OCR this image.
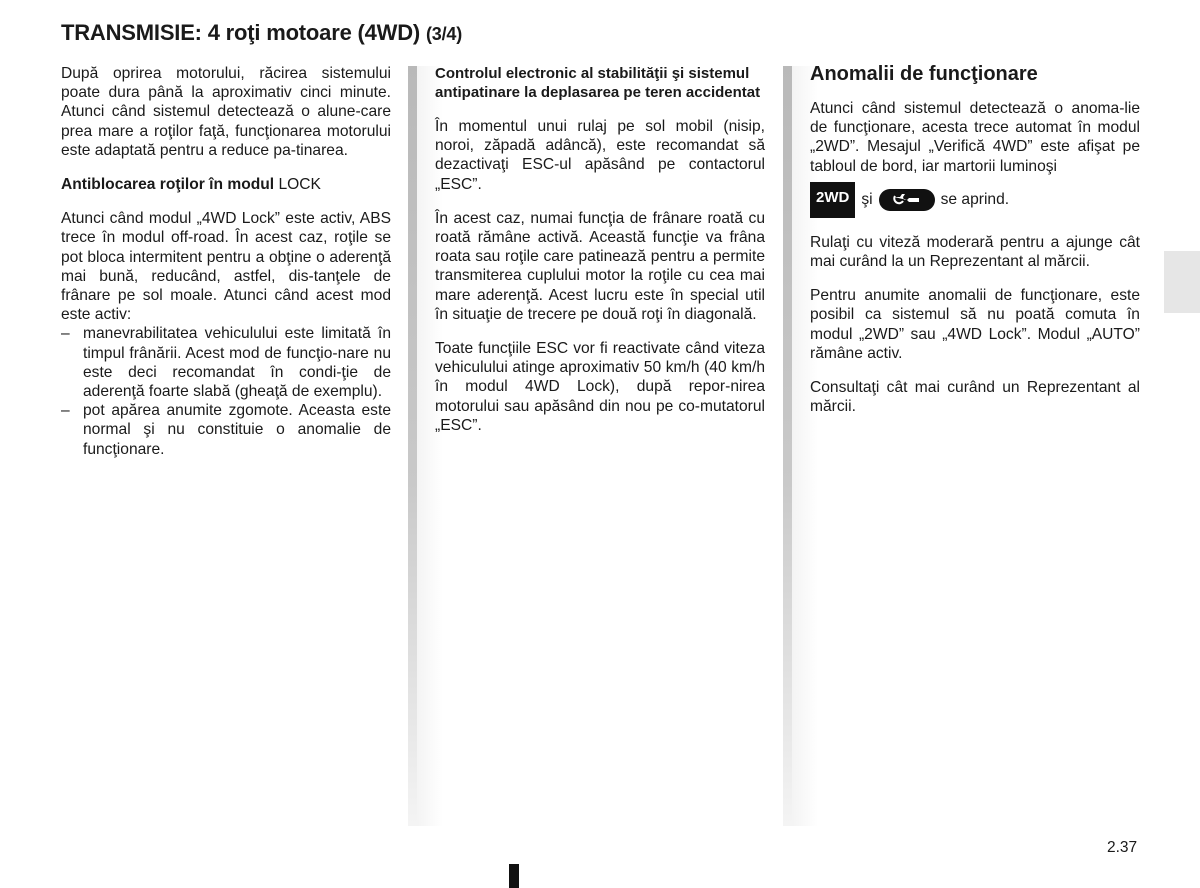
TRANSMISIE: 4 roţi motoare (4WD) (3/4)

După oprirea motorului, răcirea sistemului poate dura până la aproximativ cinci minute. Atunci când sistemul detectează o alune-care prea mare a roţilor faţă, funcţionarea motorului este adaptată pentru a reduce pa-tinarea.

Antiblocarea roţilor în modul LOCK

Atunci când modul „4WD Lock” este activ, ABS trece în modul off-road. În acest caz, roţile se pot bloca intermitent pentru a obţine o aderenţă mai bună, reducând, astfel, dis-tanţele de frânare pe sol moale. Atunci când acest mod este activ:

– manevrabilitatea vehiculului este limitată în timpul frânării. Acest mod de funcţio-nare nu este deci recomandat în condi-ţie de aderenţă foarte slabă (gheaţă de exemplu).
– pot apărea anumite zgomote. Aceasta este normal şi nu constituie o anomalie de funcţionare.

Controlul electronic al stabilităţii şi sistemul antipatinare la deplasarea pe teren accidentat

În momentul unui rulaj pe sol mobil (nisip, noroi, zăpadă adâncă), este recomandat să dezactivaţi ESC-ul apăsând pe contactorul „ESC”.

În acest caz, numai funcţia de frânare roată cu roată rămâne activă. Această funcţie va frâna roata sau roţile care patinează pentru a permite transmiterea cuplului motor la roţile cu cea mai mare aderenţă. Acest lucru este în special util în situaţie de trecere pe două roţi în diagonală.

Toate funcţiile ESC vor fi reactivate când viteza vehiculului atinge aproximativ 50 km/h (40 km/h în modul 4WD Lock), după repor-nirea motorului sau apăsând din nou pe co-mutatorul „ESC”.

Anomalii de funcţionare

Atunci când sistemul detectează o anoma-lie de funcţionare, acesta trece automat în modul „2WD”. Mesajul „Verifică 4WD” este afişat pe tabloul de bord, iar martorii luminoşi

2WD şi	se aprind.

Rulaţi cu viteză moderară pentru a ajunge cât mai curând la un Reprezentant al mărcii.

Pentru anumite anomalii de funcţionare, este posibil ca sistemul să nu poată comuta în modul „2WD” sau „4WD Lock”. Modul „AUTO” rămâne activ.

Consultaţi cât mai curând un Reprezentant al mărcii.

2.37
